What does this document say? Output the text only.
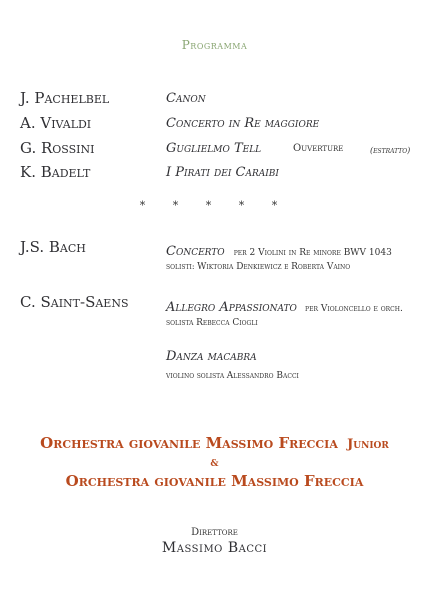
Programma
J. Pachelbel	Canon
A. Vivaldi	Concerto in Re maggiore
G. Rossini	Guglielmo Tell	Ouverture	(estratto)
K. Badelt	I Pirati dei Caraibi
* * * * *
J.S. Bach	Concerto per 2 Violini in Re minore BWV 1043
solisti: Wiktoria Denkiewicz e Roberta Vaino
C. Saint-Saens	Allegro Appassionato per Violoncello e orch.
solista Rebecca Ciogli
Danza macabra
violino solista Alessandro Bacci
Orchestra giovanile Massimo Freccia Junior
&
Orchestra giovanile Massimo Freccia
Direttore
Massimo Bacci
